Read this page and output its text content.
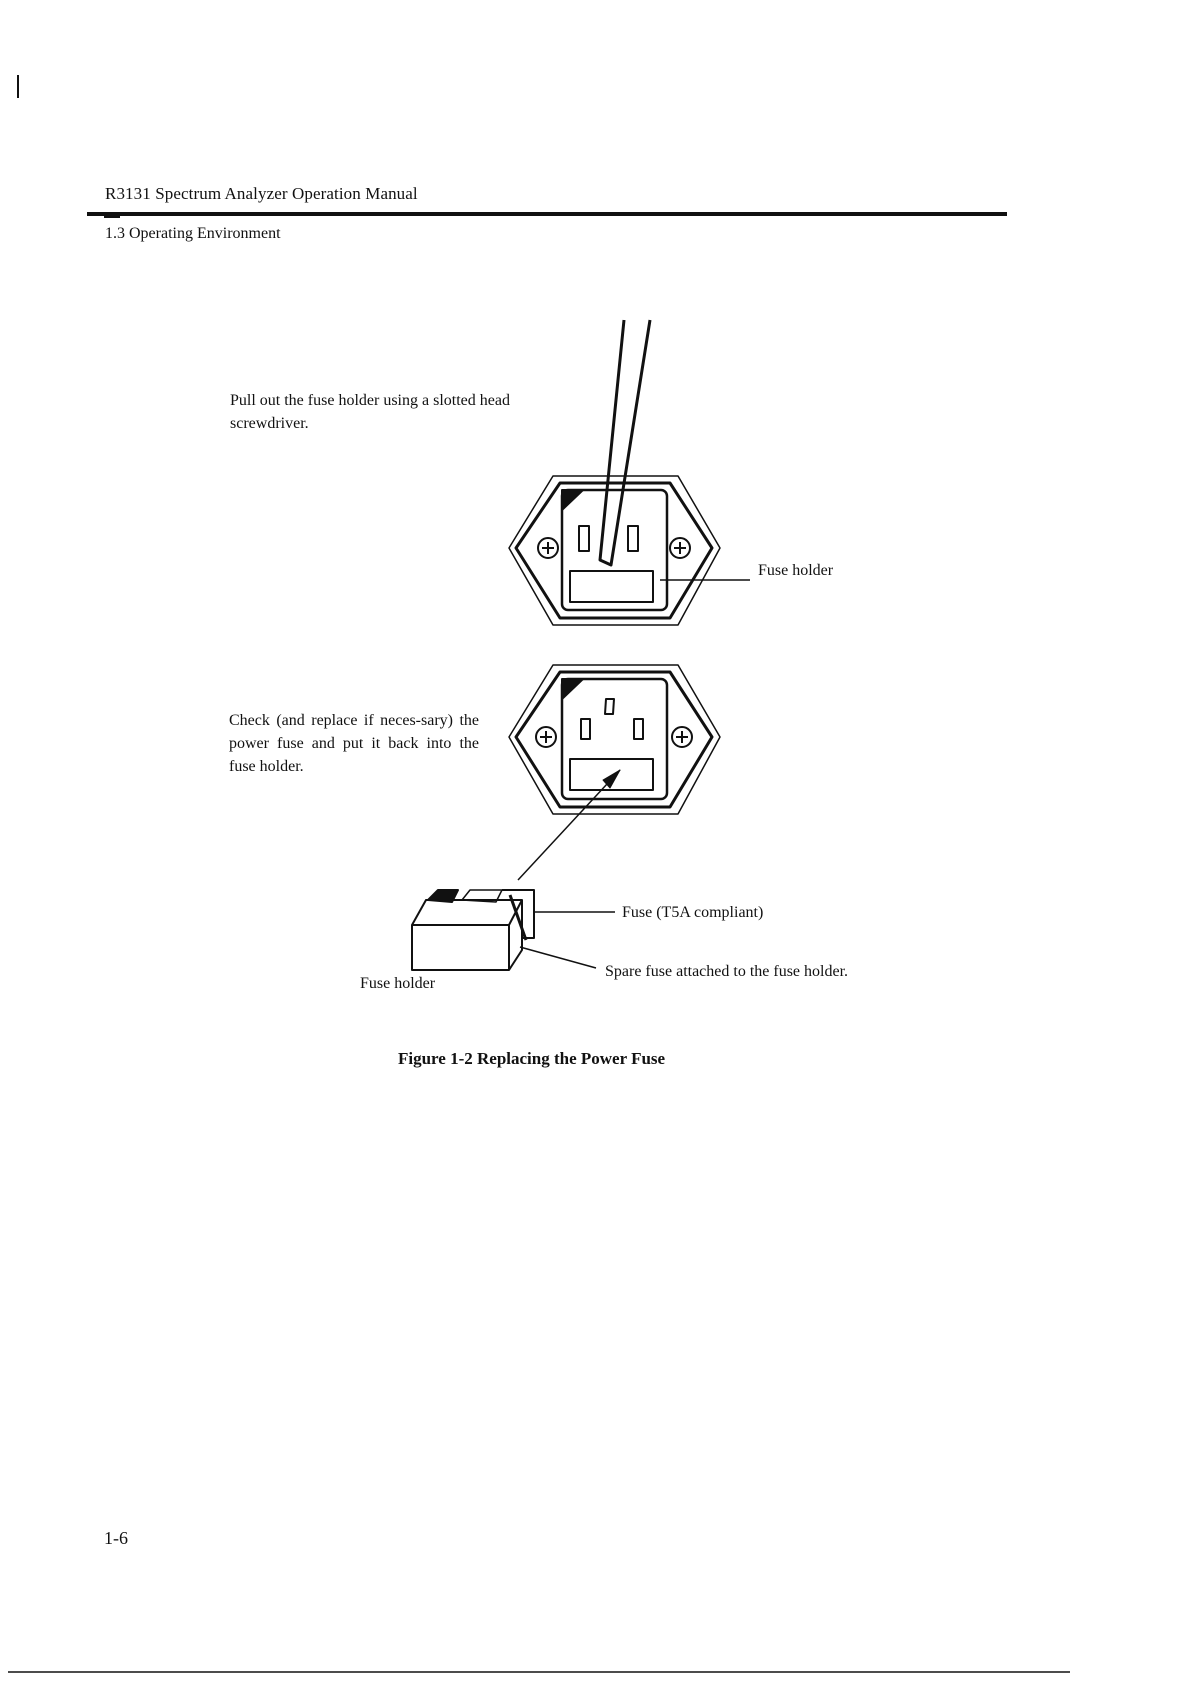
R3131 Spectrum Analyzer Operation Manual
1.3 Operating Environment
Pull out the fuse holder using a slotted head screwdriver.
Check (and replace if neces-sary) the power fuse and put it back into the fuse holder.
Fuse holder
Fuse (T5A compliant)
Spare fuse attached to the fuse holder.
Fuse holder
Figure 1-2 Replacing the Power Fuse
1-6
